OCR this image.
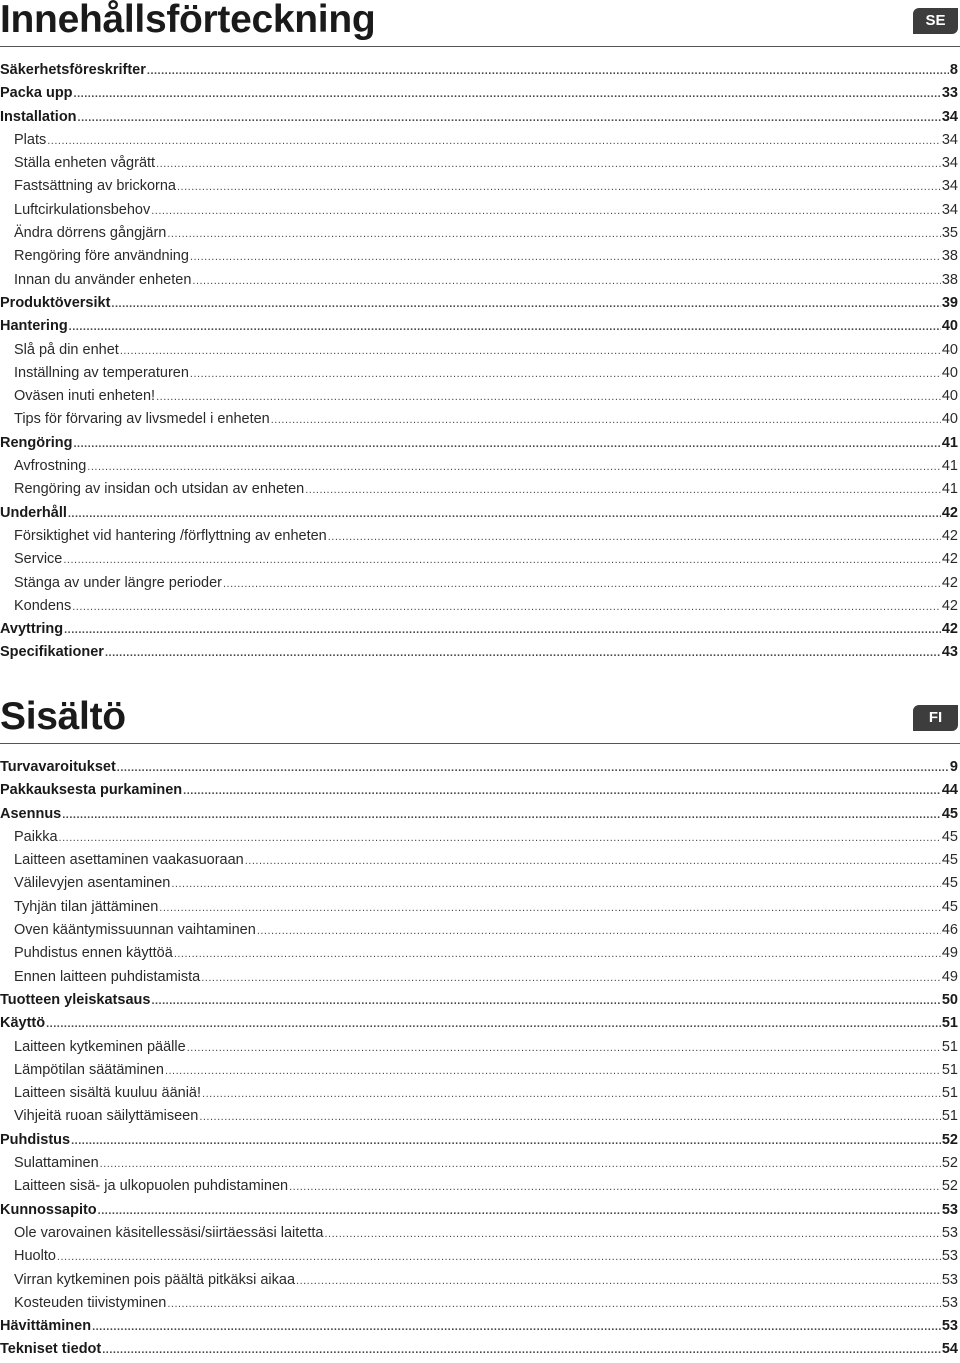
Innehållsförteckning	SE
Säkerhetsföreskrifter .....	8
Packa upp .....	33
Installation .....	34
Plats .....	34
Ställa enheten vågrätt .....	34
Fastsättning av brickorna .....	34
Luftcirkulationsbehov .....	34
Ändra dörrens gångjärn .....	35
Rengöring före användning .....	38
Innan du använder enheten .....	38
Produktöversikt .....	39
Hantering .....	40
Slå på din enhet .....	40
Inställning av temperaturen .....	40
Oväsen inuti enheten! .....	40
Tips för förvaring av livsmedel i enheten .....	40
Rengöring .....	41
Avfrostning .....	41
Rengöring av insidan och utsidan av enheten .....	41
Underhåll .....	42
Försiktighet vid hantering /förflyttning av enheten .....	42
Service .....	42
Stänga av under längre perioder .....	42
Kondens .....	42
Avyttring .....	42
Specifikationer .....	43
Sisältö	FI
Turvavaroitukset .....	9
Pakkauksesta purkaminen .....	44
Asennus .....	45
Paikka .....	45
Laitteen asettaminen vaakasuoraan .....	45
Välilevyjen asentaminen .....	45
Tyhjän tilan jättäminen .....	45
Oven kääntymissuunnan vaihtaminen .....	46
Puhdistus ennen käyttöä .....	49
Ennen laitteen puhdistamista .....	49
Tuotteen yleiskatsaus .....	50
Käyttö .....	51
Laitteen kytkeminen päälle .....	51
Lämpötilan säätäminen .....	51
Laitteen sisältä kuuluu ääniä! .....	51
Vihjeitä ruoan säilyttämiseen .....	51
Puhdistus .....	52
Sulattaminen .....	52
Laitteen sisä- ja ulkopuolen puhdistaminen .....	52
Kunnossapito .....	53
Ole varovainen käsitellessäsi/siirtäessäsi laitetta .....	53
Huolto .....	53
Virran kytkeminen pois päältä pitkäksi aikaa .....	53
Kosteuden tiivistyminen .....	53
Hävittäminen .....	53
Tekniset tiedot .....	54
